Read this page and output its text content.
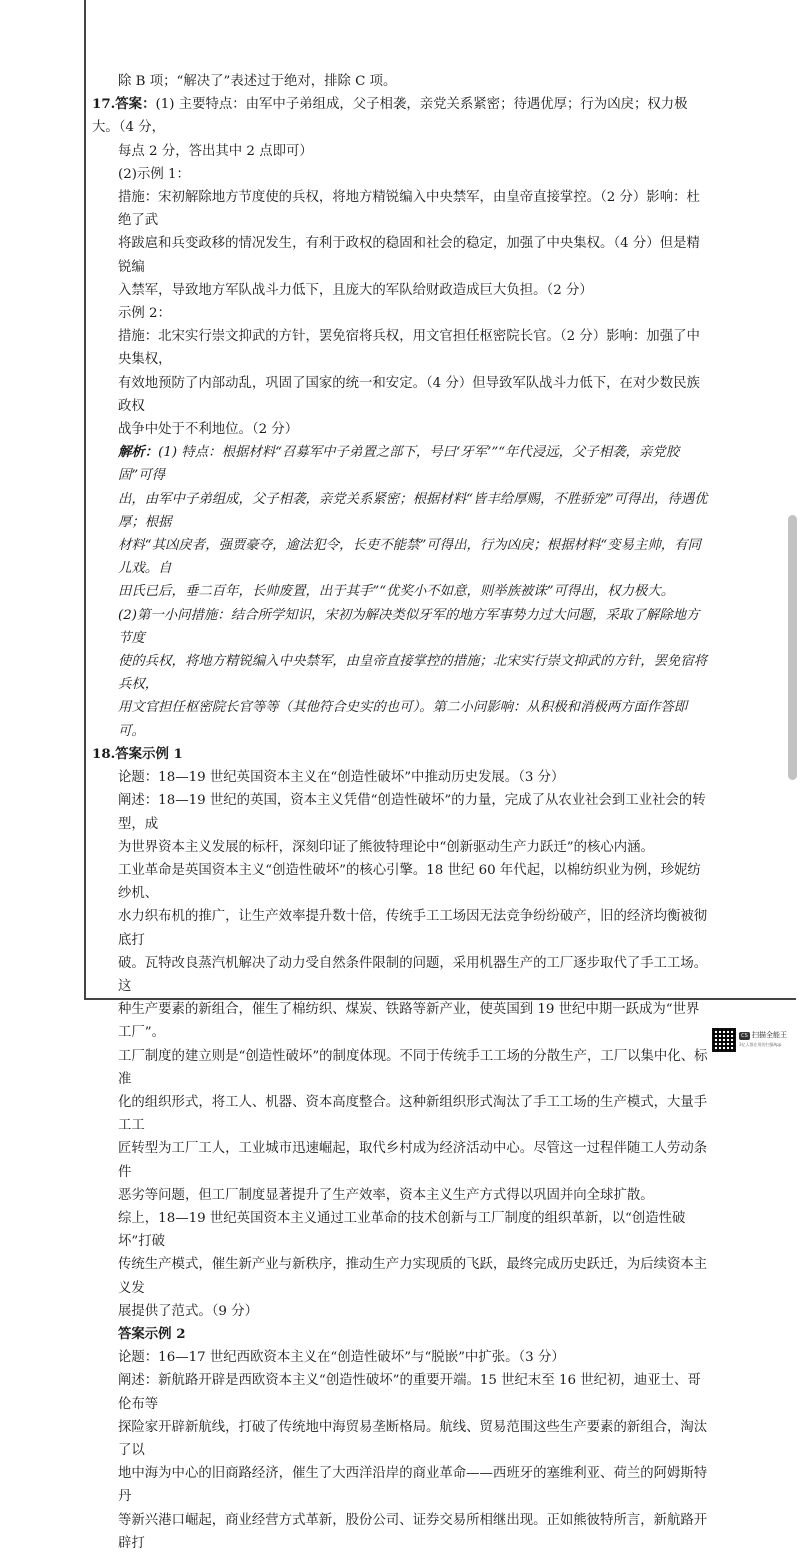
除 B 项；“解决了”表述过于绝对，排除 C 项。

17.答案：(1) 主要特点：由军中子弟组成，父子相袭，亲党关系紧密；待遇优厚；行为凶戾；权力极大。（4 分，

每点 2 分，答出其中 2 点即可）

(2)示例 1：

措施：宋初解除地方节度使的兵权，将地方精锐编入中央禁军，由皇帝直接掌控。（2 分）影响：杜绝了武

将跋扈和兵变政移的情况发生，有利于政权的稳固和社会的稳定，加强了中央集权。（4 分）但是精锐编

入禁军，导致地方军队战斗力低下，且庞大的军队给财政造成巨大负担。（2 分）

示例 2：

措施：北宋实行崇文抑武的方针，罢免宿将兵权，用文官担任枢密院长官。（2 分）影响：加强了中央集权，

有效地预防了内部动乱，巩固了国家的统一和安定。（4 分）但导致军队战斗力低下，在对少数民族政权

战争中处于不利地位。（2 分）

解析：(1) 特点：根据材料“召募军中子弟置之部下，号曰‘牙军’”“年代浸远，父子相袭，亲党胶固”可得

出，由军中子弟组成，父子相袭，亲党关系紧密；根据材料“皆丰给厚赐，不胜骄宠”可得出，待遇优厚；根据

材料“其凶戾者，强贾豪夺，逾法犯令，长吏不能禁”可得出，行为凶戾；根据材料“变易主帅，有同儿戏。自

田氏已后，垂二百年，长帅废置，出于其手”“优奖小不如意，则举族被诛”可得出，权力极大。

(2)第一小问措施：结合所学知识，宋初为解决类似牙军的地方军事势力过大问题，采取了解除地方节度

使的兵权，将地方精锐编入中央禁军，由皇帝直接掌控的措施；北宋实行崇文抑武的方针，罢免宿将兵权，

用文官担任枢密院长官等等（其他符合史实的也可）。第二小问影响：从积极和消极两方面作答即可。

18.答案示例 1

论题：18—19 世纪英国资本主义在“创造性破坏”中推动历史发展。（3 分）

阐述：18—19 世纪的英国，资本主义凭借“创造性破坏”的力量，完成了从农业社会到工业社会的转型，成

为世界资本主义发展的标杆，深刻印证了熊彼特理论中“创新驱动生产力跃迁”的核心内涵。

工业革命是英国资本主义“创造性破坏”的核心引擎。18 世纪 60 年代起，以棉纺织业为例，珍妮纺纱机、

水力织布机的推广，让生产效率提升数十倍，传统手工工场因无法竞争纷纷破产，旧的经济均衡被彻底打

破。瓦特改良蒸汽机解决了动力受自然条件限制的问题，采用机器生产的工厂逐步取代了手工工场。这

种生产要素的新组合，催生了棉纺织、煤炭、铁路等新产业，使英国到 19 世纪中期一跃成为“世界工厂”。

工厂制度的建立则是“创造性破坏”的制度体现。不同于传统手工工场的分散生产，工厂以集中化、标准

化的组织形式，将工人、机器、资本高度整合。这种新组织形式淘汰了手工工场的生产模式，大量手工工

匠转型为工厂工人，工业城市迅速崛起，取代乡村成为经济活动中心。尽管这一过程伴随工人劳动条件

恶劣等问题，但工厂制度显著提升了生产效率，资本主义生产方式得以巩固并向全球扩散。

综上，18—19 世纪英国资本主义通过工业革命的技术创新与工厂制度的组织革新，以“创造性破坏”打破

传统生产模式，催生新产业与新秩序，推动生产力实现质的飞跃，最终完成历史跃迁，为后续资本主义发

展提供了范式。（9 分）

答案示例 2

论题：16—17 世纪西欧资本主义在“创造性破坏”与“脱嵌”中扩张。（3 分）

阐述：新航路开辟是西欧资本主义“创造性破坏”的重要开端。15 世纪末至 16 世纪初，迪亚士、哥伦布等

探险家开辟新航线，打破了传统地中海贸易垄断格局。航线、贸易范围这些生产要素的新组合，淘汰了以

地中海为中心的旧商路经济，催生了大西洋沿岸的商业革命——西班牙的塞维利亚、荷兰的阿姆斯特丹

等新兴港口崛起，商业经营方式革新，股份公司、证券交易所相继出现。正如熊彼特所言，新航路开辟打

CS 扫描全能王
3亿人都在用的扫描App
